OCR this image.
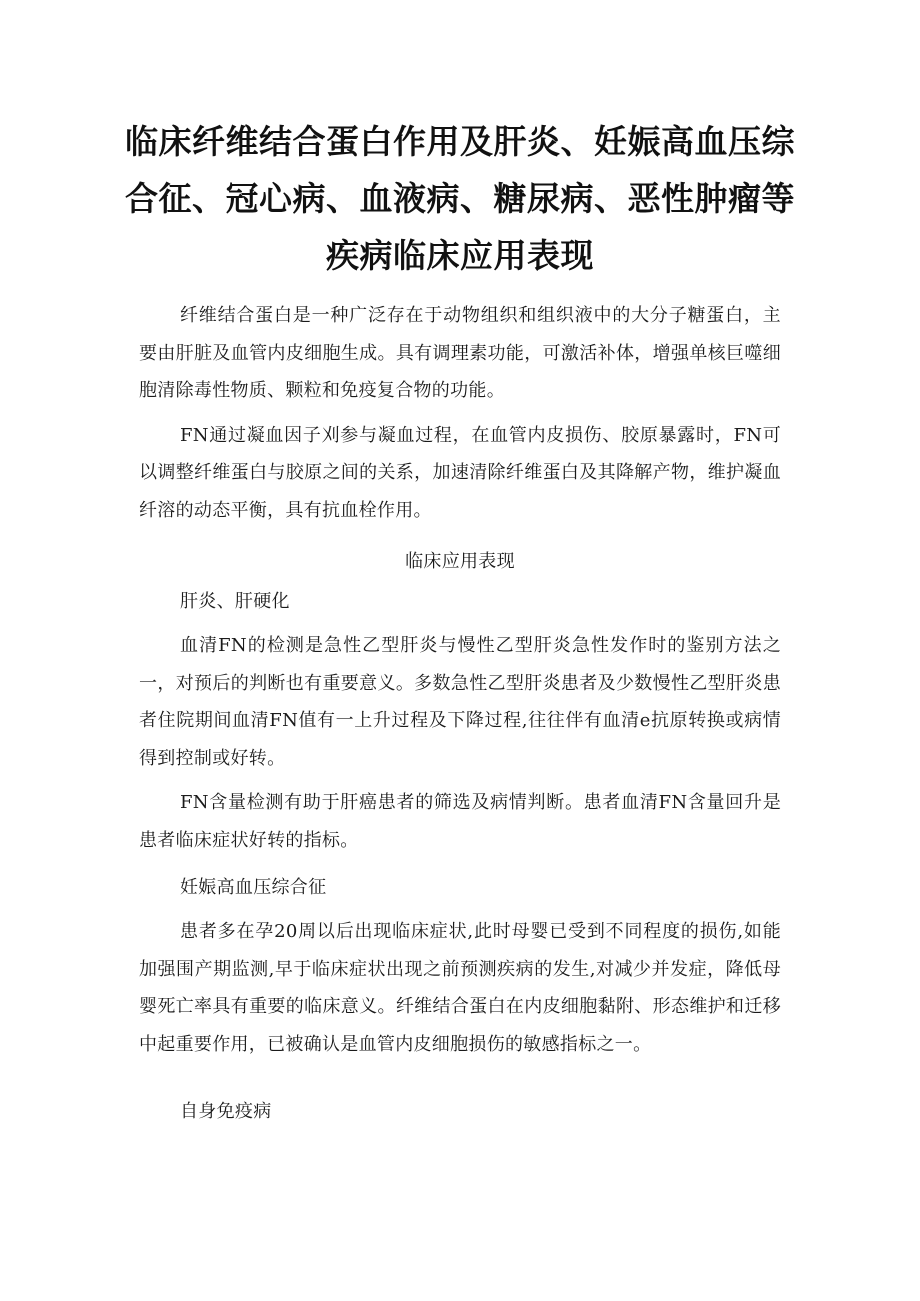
临床纤维结合蛋白作用及肝炎、妊娠高血压综合征、冠心病、血液病、糖尿病、恶性肿瘤等疾病临床应用表现

纤维结合蛋白是一种广泛存在于动物组织和组织液中的大分子糖蛋白，主要由肝脏及血管内皮细胞生成。具有调理素功能，可激活补体，增强单核巨噬细胞清除毒性物质、颗粒和免疫复合物的功能。

FN通过凝血因子刈参与凝血过程，在血管内皮损伤、胶原暴露时，FN可以调整纤维蛋白与胶原之间的关系，加速清除纤维蛋白及其降解产物，维护凝血纤溶的动态平衡，具有抗血栓作用。

临床应用表现
肝炎、肝硬化

血清FN的检测是急性乙型肝炎与慢性乙型肝炎急性发作时的鉴别方法之一，对预后的判断也有重要意义。多数急性乙型肝炎患者及少数慢性乙型肝炎患者住院期间血清FN值有一上升过程及下降过程,往往伴有血清e抗原转换或病情得到控制或好转。

FN含量检测有助于肝癌患者的筛选及病情判断。患者血清FN含量回升是患者临床症状好转的指标。

妊娠高血压综合征

患者多在孕20周以后出现临床症状,此时母婴已受到不同程度的损伤,如能加强围产期监测,早于临床症状出现之前预测疾病的发生,对减少并发症，降低母婴死亡率具有重要的临床意义。纤维结合蛋白在内皮细胞黏附、形态维护和迁移中起重要作用，已被确认是血管内皮细胞损伤的敏感指标之一。

自身免疫病
